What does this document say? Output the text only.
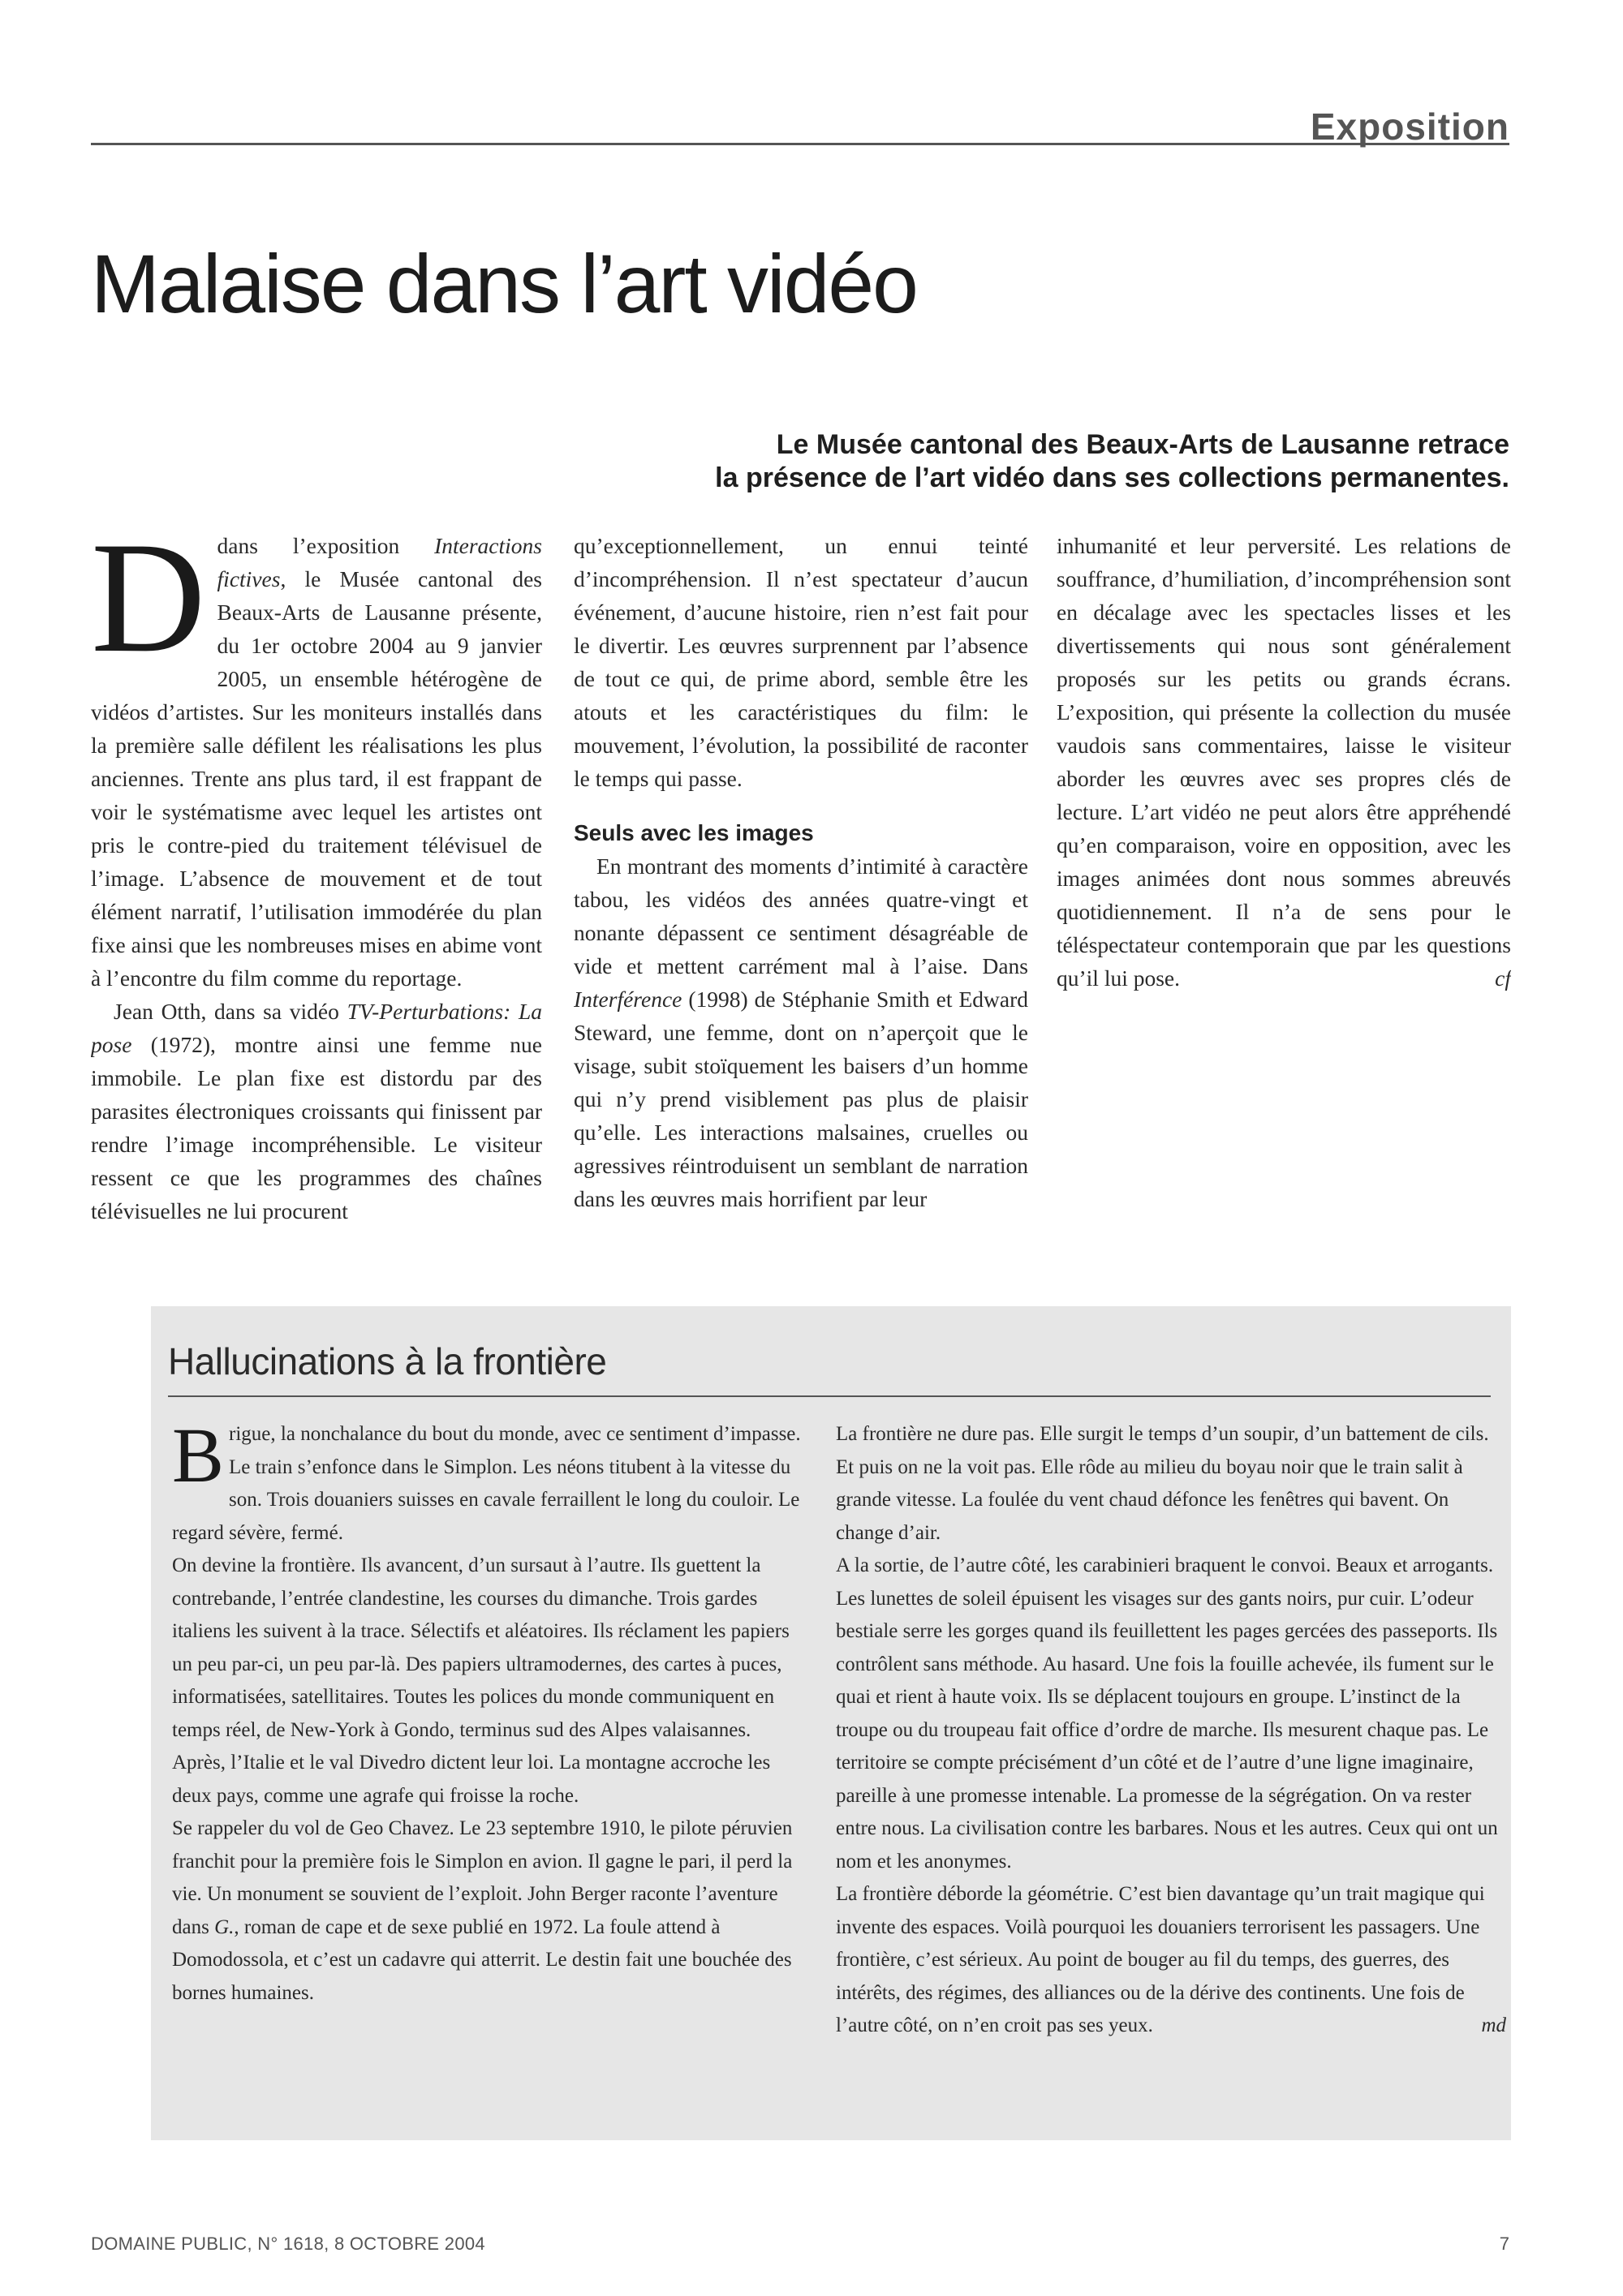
Exposition
Malaise dans l’art vidéo
Le Musée cantonal des Beaux-Arts de Lausanne retrace
la présence de l’art vidéo dans ses collections permanentes.

Ddans l’exposition Interactions fictives, le Musée cantonal des Beaux-Arts de Lausanne présente, du 1er octobre 2004 au 9 janvier 2005, un ensemble hétérogène de vidéos d’artistes. Sur les moniteurs installés dans la première salle défilent les réalisations les plus anciennes. Trente ans plus tard, il est frappant de voir le systématisme avec lequel les artistes ont pris le contre-pied du traitement télévisuel de l’image. L’absence de mouvement et de tout élément narratif, l’utilisation immodérée du plan fixe ainsi que les nombreuses mises en abime vont à l’encontre du film comme du reportage.

Jean Otth, dans sa vidéo TV-Perturbations: La pose (1972), montre ainsi une femme nue immobile. Le plan fixe est distordu par des parasites électroniques croissants qui finissent par rendre l’image incompréhensible. Le visiteur ressent ce que les programmes des chaînes télévisuelles ne lui procurent

qu’exceptionnellement, un ennui teinté d’incompréhension. Il n’est spectateur d’aucun événement, d’aucune histoire, rien n’est fait pour le divertir. Les œuvres surprennent par l’absence de tout ce qui, de prime abord, semble être les atouts et les caractéristiques du film: le mouvement, l’évolution, la possibilité de raconter le temps qui passe.

Seuls avec les images

En montrant des moments d’intimité à caractère tabou, les vidéos des années quatre-vingt et nonante dépassent ce sentiment désagréable de vide et mettent carrément mal à l’aise. Dans Interférence (1998) de Stéphanie Smith et Edward Steward, une femme, dont on n’aperçoit que le visage, subit stoïquement les baisers d’un homme qui n’y prend visiblement pas plus de plaisir qu’elle. Les interactions malsaines, cruelles ou agressives réintroduisent un semblant de narration dans les œuvres mais horrifient par leur

inhumanité et leur perversité. Les relations de souffrance, d’humiliation, d’incompréhension sont en décalage avec les spectacles lisses et les divertissements qui nous sont généralement proposés sur les petits ou grands écrans. L’exposition, qui présente la collection du musée vaudois sans commentaires, laisse le visiteur aborder les œuvres avec ses propres clés de lecture. L’art vidéo ne peut alors être appréhendé qu’en comparaison, voire en opposition, avec les images animées dont nous sommes abreuvés quotidiennement. Il n’a de sens pour le téléspectateur contemporain que par les questions qu’il lui pose.	cf

Hallucinations à la frontière

Brigue, la nonchalance du bout du monde, avec ce sentiment d’impasse. Le train s’enfonce dans le Simplon. Les néons titubent à la vitesse du son. Trois douaniers suisses en cavale ferraillent le long du couloir. Le regard sévère, fermé.

On devine la frontière. Ils avancent, d’un sursaut à l’autre. Ils guettent la contrebande, l’entrée clandestine, les courses du dimanche. Trois gardes italiens les suivent à la trace. Sélectifs et aléatoires. Ils réclament les papiers un peu par-ci, un peu par-là. Des papiers ultramodernes, des cartes à puces, informatisées, satellitaires. Toutes les polices du monde communiquent en temps réel, de New-York à Gondo, terminus sud des Alpes valaisannes. Après, l’Italie et le val Divedro dictent leur loi. La montagne accroche les deux pays, comme une agrafe qui froisse la roche.

Se rappeler du vol de Geo Chavez. Le 23 septembre 1910, le pilote péruvien franchit pour la première fois le Simplon en avion. Il gagne le pari, il perd la vie. Un monument se souvient de l’exploit. John Berger raconte l’aventure dans G., roman de cape et de sexe publié en 1972. La foule attend à Domodossola, et c’est un cadavre qui atterrit. Le destin fait une bouchée des bornes humaines.

La frontière ne dure pas. Elle surgit le temps d’un soupir, d’un battement de cils. Et puis on ne la voit pas. Elle rôde au milieu du boyau noir que le train salit à grande vitesse. La foulée du vent chaud défonce les fenêtres qui bavent. On change d’air.

A la sortie, de l’autre côté, les carabinieri braquent le convoi. Beaux et arrogants. Les lunettes de soleil épuisent les visages sur des gants noirs, pur cuir. L’odeur bestiale serre les gorges quand ils feuillettent les pages gercées des passeports. Ils contrôlent sans méthode. Au hasard. Une fois la fouille achevée, ils fument sur le quai et rient à haute voix. Ils se déplacent toujours en groupe. L’instinct de la troupe ou du troupeau fait office d’ordre de marche. Ils mesurent chaque pas. Le territoire se compte précisément d’un côté et de l’autre d’une ligne imaginaire, pareille à une promesse intenable. La promesse de la ségrégation. On va rester entre nous. La civilisation contre les barbares. Nous et les autres. Ceux qui ont un nom et les anonymes.

La frontière déborde la géométrie. C’est bien davantage qu’un trait magique qui invente des espaces. Voilà pourquoi les douaniers terrorisent les passagers. Une frontière, c’est sérieux. Au point de bouger au fil du temps, des guerres, des intérêts, des régimes, des alliances ou de la dérive des continents. Une fois de l’autre côté, on n’en croit pas ses yeux.	md

DOMAINE PUBLIC, N° 1618, 8 OCTOBRE 2004	7
